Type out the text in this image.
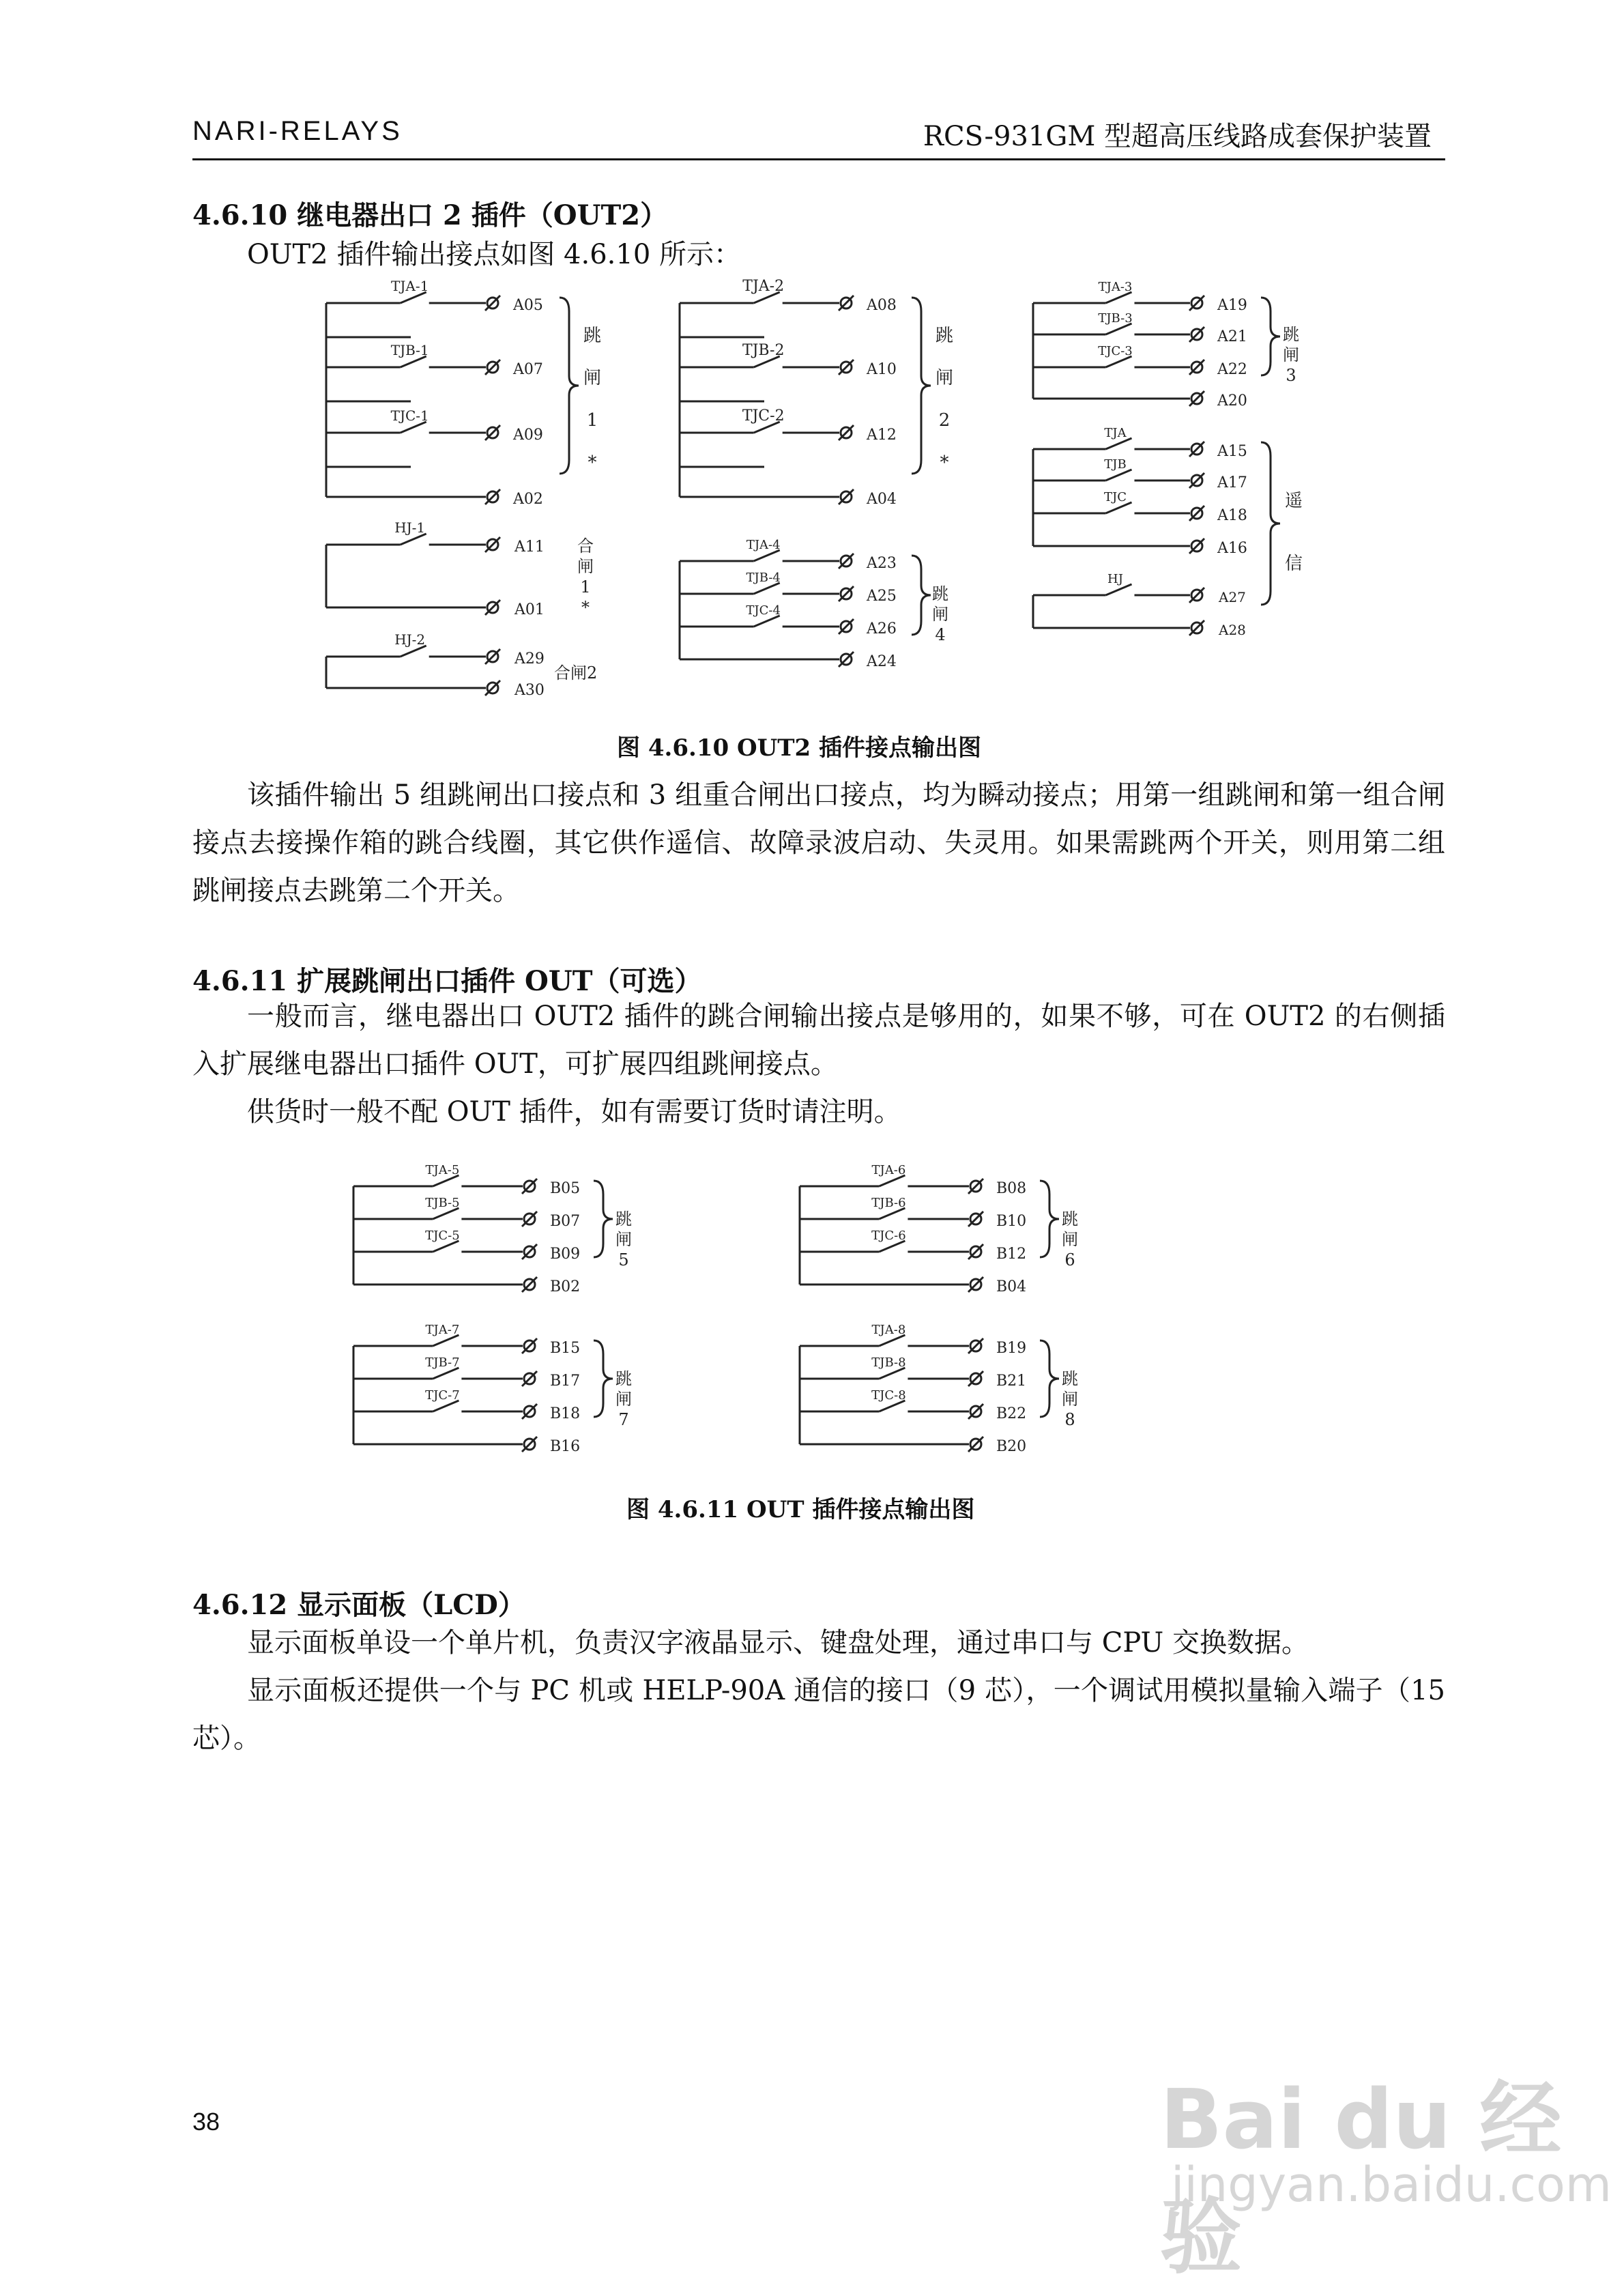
NARI-RELAYS	RCS-931GM 型超高压线路成套保护装置
4.6.10 继电器出口 2 插件（OUT2）
OUT2 插件输出接点如图 4.6.10 所示：
TJA-1
A05
TJB-1
A07
TJC-1
A09
A02
跳
闸
1
*
HJ-1
A11
A01
合
闸
1
*
HJ-2
A29
A30
合闸2
TJA-2
A08
TJB-2
A10
TJC-2
A12
A04
跳
闸
2
*
TJA-4
A23
TJB-4
A25
TJC-4
A26
A24
跳
闸
4
TJA-3
A19
TJB-3
A21
TJC-3
A22
A20
跳
闸
3
TJA
A15
TJB
A17
TJC
A18
A16
遥
信
HJ
A27
A28
图 4.6.10 OUT2 插件接点输出图
该插件输出 5 组跳闸出口接点和 3 组重合闸出口接点，均为瞬动接点；用第一组跳闸和第一组合闸接点去接操作箱的跳合线圈，其它供作遥信、故障录波启动、失灵用。如果需跳两个开关，则用第二组跳闸接点去跳第二个开关。
4.6.11 扩展跳闸出口插件 OUT（可选）
一般而言，继电器出口 OUT2 插件的跳合闸输出接点是够用的，如果不够，可在 OUT2 的右侧插入扩展继电器出口插件 OUT，可扩展四组跳闸接点。
供货时一般不配 OUT 插件，如有需要订货时请注明。
TJA-5
B05
TJB-5
B07
TJC-5
B09
B02
跳
闸
5
TJA-6
B08
TJB-6
B10
TJC-6
B12
B04
跳
闸
6
TJA-7
B15
TJB-7
B17
TJC-7
B18
B16
跳
闸
7
TJA-8
B19
TJB-8
B21
TJC-8
B22
B20
跳
闸
8
图 4.6.11 OUT 插件接点输出图
4.6.12 显示面板（LCD）
显示面板单设一个单片机，负责汉字液晶显示、键盘处理，通过串口与 CPU 交换数据。
显示面板还提供一个与 PC 机或 HELP-90A 通信的接口（9 芯），一个调试用模拟量输入端子（15 芯）。
38	Bai du 经验
jingyan.baidu.com
